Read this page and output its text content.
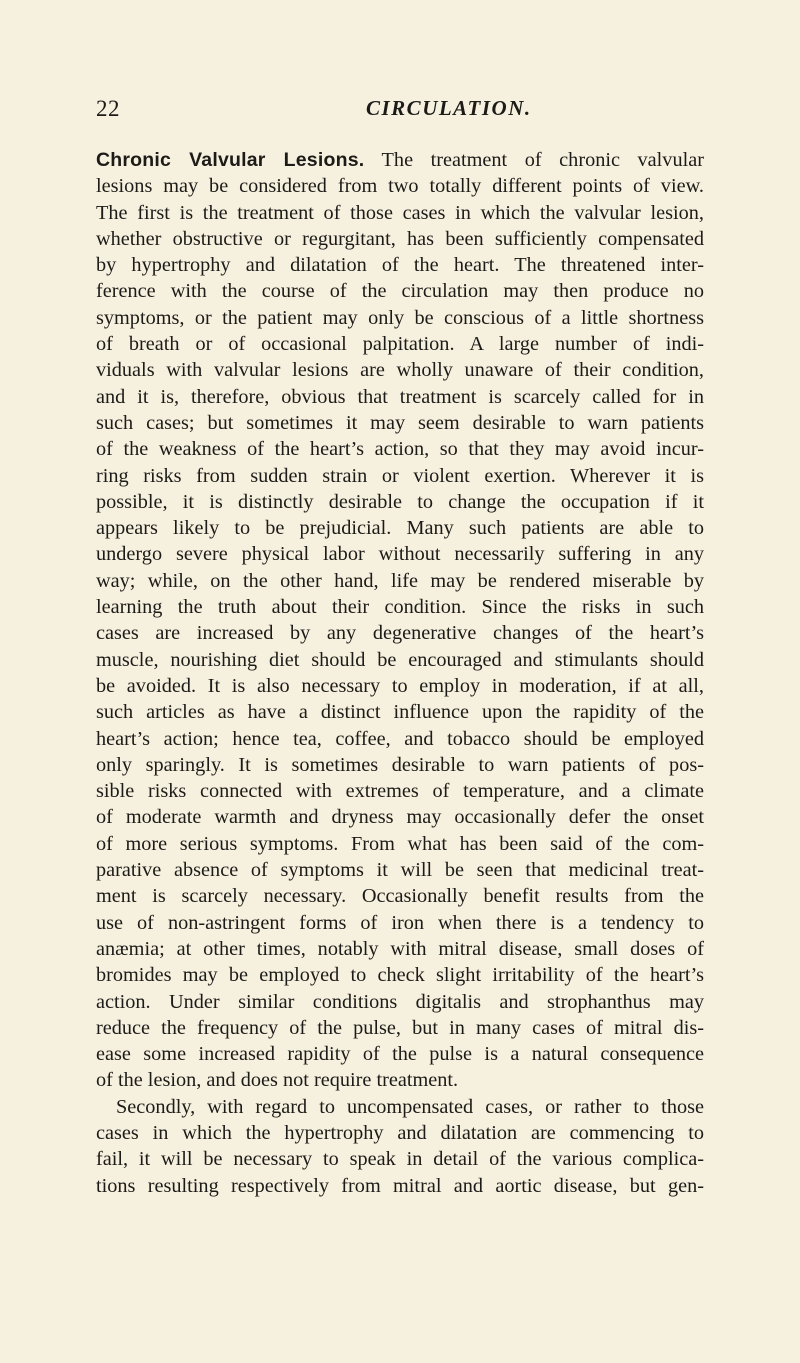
22	CIRCULATION.
Chronic Valvular Lesions. The treatment of chronic valvular
lesions may be considered from two totally different points of view.
The first is the treatment of those cases in which the valvular lesion,
whether obstructive or regurgitant, has been sufficiently compensated
by hypertrophy and dilatation of the heart. The threatened inter-
ference with the course of the circulation may then produce no
symptoms, or the patient may only be conscious of a little shortness
of breath or of occasional palpitation. A large number of indi-
viduals with valvular lesions are wholly unaware of their condition,
and it is, therefore, obvious that treatment is scarcely called for in
such cases; but sometimes it may seem desirable to warn patients
of the weakness of the heart’s action, so that they may avoid incur-
ring risks from sudden strain or violent exertion. Wherever it is
possible, it is distinctly desirable to change the occupation if it
appears likely to be prejudicial. Many such patients are able to
undergo severe physical labor without necessarily suffering in any
way; while, on the other hand, life may be rendered miserable by
learning the truth about their condition. Since the risks in such
cases are increased by any degenerative changes of the heart’s
muscle, nourishing diet should be encouraged and stimulants should
be avoided. It is also necessary to employ in moderation, if at all,
such articles as have a distinct influence upon the rapidity of the
heart’s action; hence tea, coffee, and tobacco should be employed
only sparingly. It is sometimes desirable to warn patients of pos-
sible risks connected with extremes of temperature, and a climate
of moderate warmth and dryness may occasionally defer the onset
of more serious symptoms. From what has been said of the com-
parative absence of symptoms it will be seen that medicinal treat-
ment is scarcely necessary. Occasionally benefit results from the
use of non-astringent forms of iron when there is a tendency to
anæmia; at other times, notably with mitral disease, small doses of
bromides may be employed to check slight irritability of the heart’s
action. Under similar conditions digitalis and strophanthus may
reduce the frequency of the pulse, but in many cases of mitral dis-
ease some increased rapidity of the pulse is a natural consequence
of the lesion, and does not require treatment.
Secondly, with regard to uncompensated cases, or rather to those
cases in which the hypertrophy and dilatation are commencing to
fail, it will be necessary to speak in detail of the various complica-
tions resulting respectively from mitral and aortic disease, but gen-
